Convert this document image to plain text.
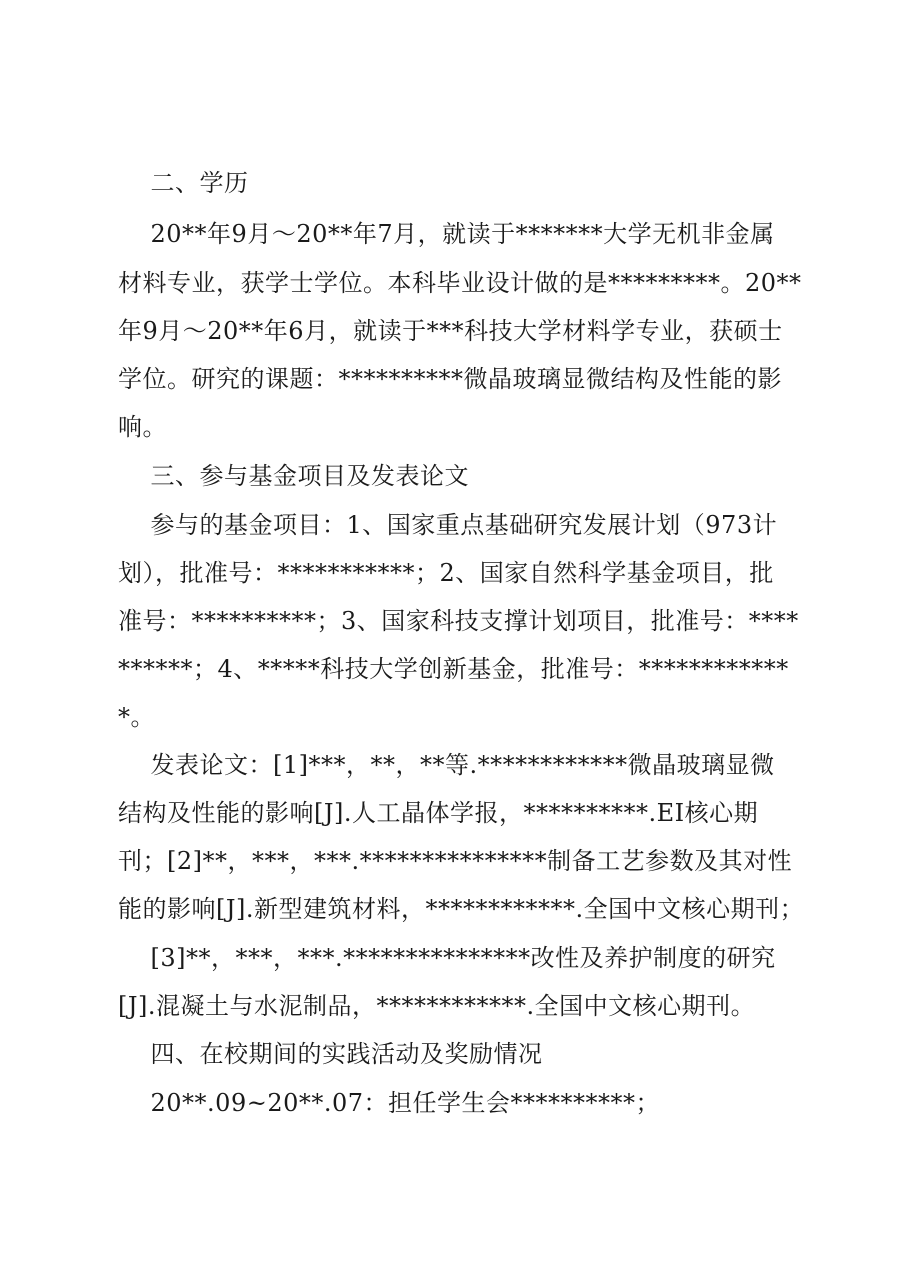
二、学历
20**年9月～20**年7月，就读于*******大学无机非金属
材料专业，获学士学位。本科毕业设计做的是*********。20**
年9月～20**年6月，就读于***科技大学材料学专业，获硕士
学位。研究的课题：**********微晶玻璃显微结构及性能的影
响。
三、参与基金项目及发表论文
参与的基金项目：1、国家重点基础研究发展计划（973计
划），批准号：***********；2、国家自然科学基金项目，批
准号：**********；3、国家科技支撑计划项目，批准号：****
******；4、*****科技大学创新基金，批准号：************
*。
发表论文：[1]***，**，**等.************微晶玻璃显微
结构及性能的影响[J].人工晶体学报，**********.EI核心期
刊；[2]**，***，***.***************制备工艺参数及其对性
能的影响[J].新型建筑材料，************.全国中文核心期刊；
[3]**，***，***.***************改性及养护制度的研究
[J].混凝土与水泥制品，************.全国中文核心期刊。
四、在校期间的实践活动及奖励情况
20**.09~20**.07：担任学生会**********；
